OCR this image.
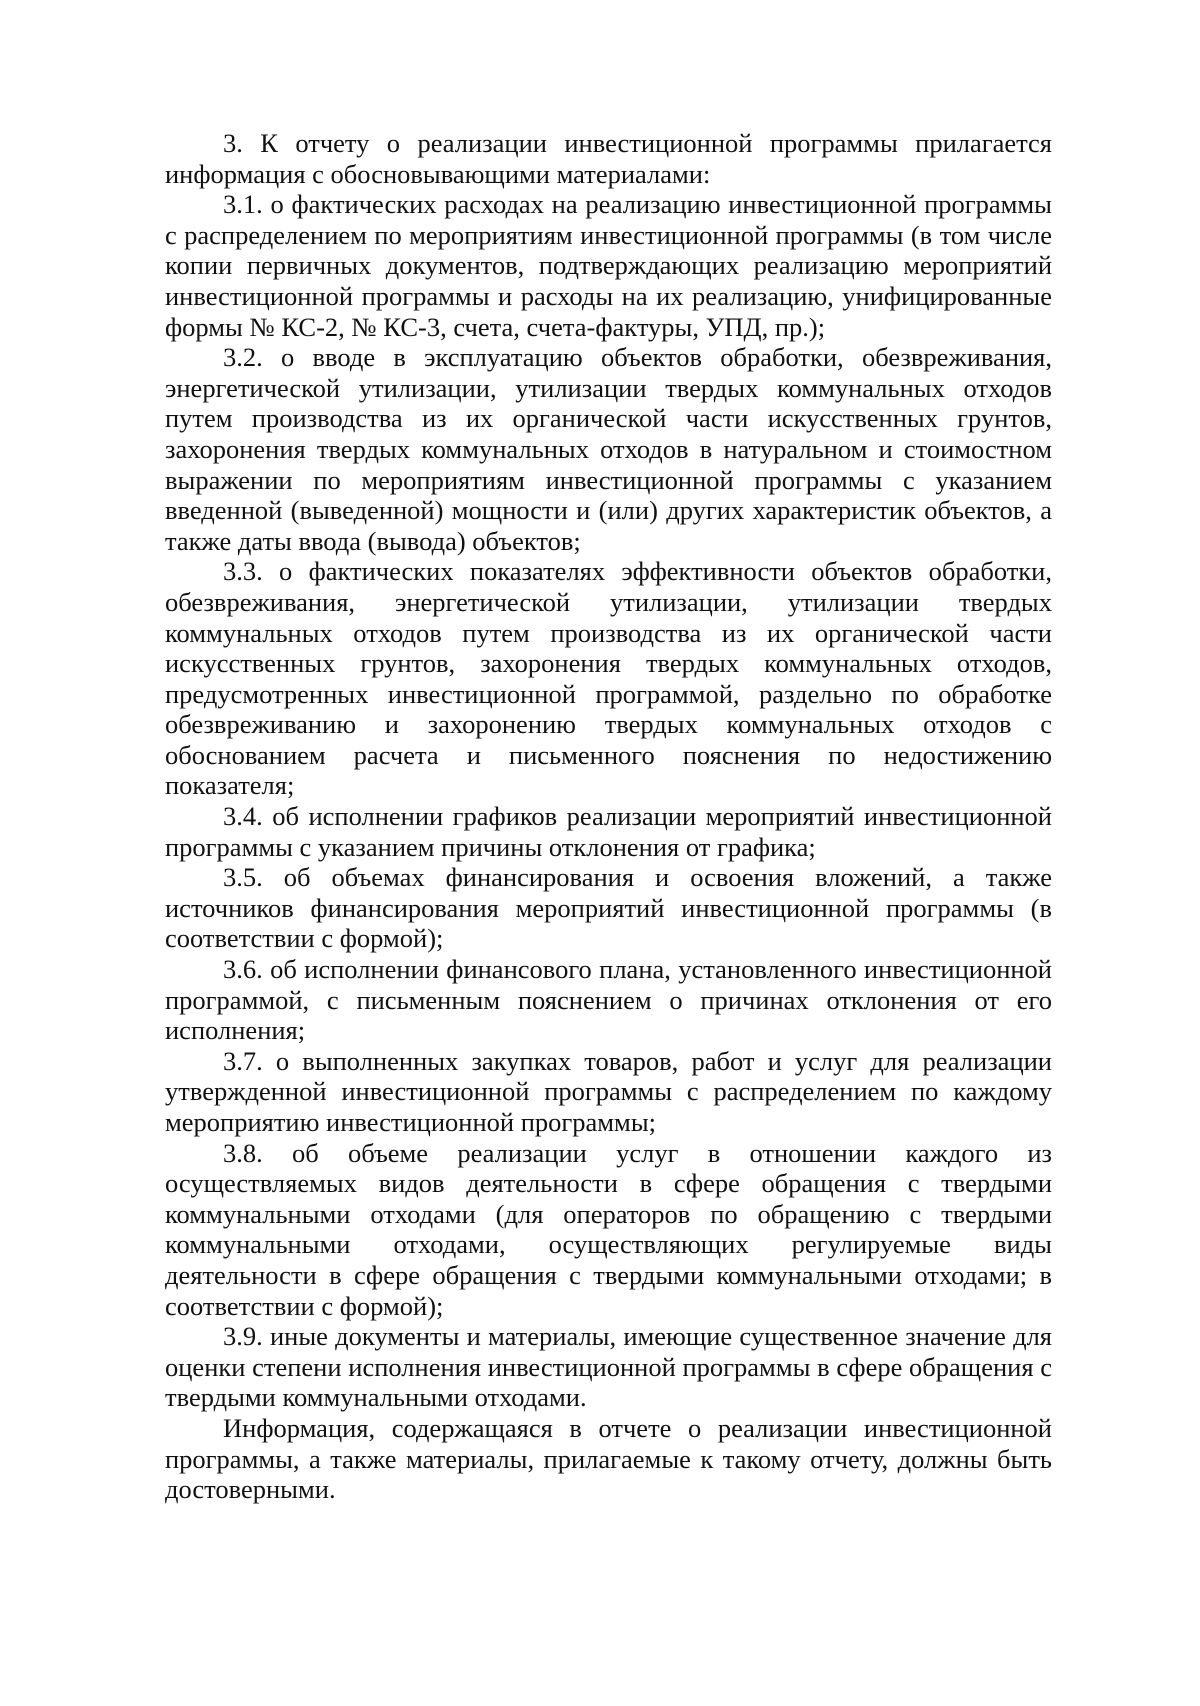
3. К отчету о реализации инвестиционной программы прилагается информация с обосновывающими материалами:

3.1. о фактических расходах на реализацию инвестиционной программы с распределением по мероприятиям инвестиционной программы (в том числе копии первичных документов, подтверждающих реализацию мероприятий инвестиционной программы и расходы на их реализацию, унифицированные формы № КС-2, № КС-3, счета, счета-фактуры, УПД, пр.);

3.2. о вводе в эксплуатацию объектов обработки, обезвреживания, энергетической утилизации, утилизации твердых коммунальных отходов путем производства из их органической части искусственных грунтов, захоронения твердых коммунальных отходов в натуральном и стоимостном выражении по мероприятиям инвестиционной программы с указанием введенной (выведенной) мощности и (или) других характеристик объектов, а также даты ввода (вывода) объектов;

3.3. о фактических показателях эффективности объектов обработки, обезвреживания, энергетической утилизации, утилизации твердых коммунальных отходов путем производства из их органической части искусственных грунтов, захоронения твердых коммунальных отходов, предусмотренных инвестиционной программой, раздельно по обработке обезвреживанию и захоронению твердых коммунальных отходов с обоснованием расчета и письменного пояснения по недостижению показателя;

3.4. об исполнении графиков реализации мероприятий инвестиционной программы с указанием причины отклонения от графика;

3.5. об объемах финансирования и освоения вложений, а также источников финансирования мероприятий инвестиционной программы (в соответствии с формой);

3.6. об исполнении финансового плана, установленного инвестиционной программой, с письменным пояснением о причинах отклонения от его исполнения;

3.7. о выполненных закупках товаров, работ и услуг для реализации утвержденной инвестиционной программы с распределением по каждому мероприятию инвестиционной программы;

3.8. об объеме реализации услуг в отношении каждого из осуществляемых видов деятельности в сфере обращения с твердыми коммунальными отходами (для операторов по обращению с твердыми коммунальными отходами, осуществляющих регулируемые виды деятельности в сфере обращения с твердыми коммунальными отходами; в соответствии с формой);

3.9. иные документы и материалы, имеющие существенное значение для оценки степени исполнения инвестиционной программы в сфере обращения с твердыми коммунальными отходами.

Информация, содержащаяся в отчете о реализации инвестиционной программы, а также материалы, прилагаемые к такому отчету, должны быть достоверными.
